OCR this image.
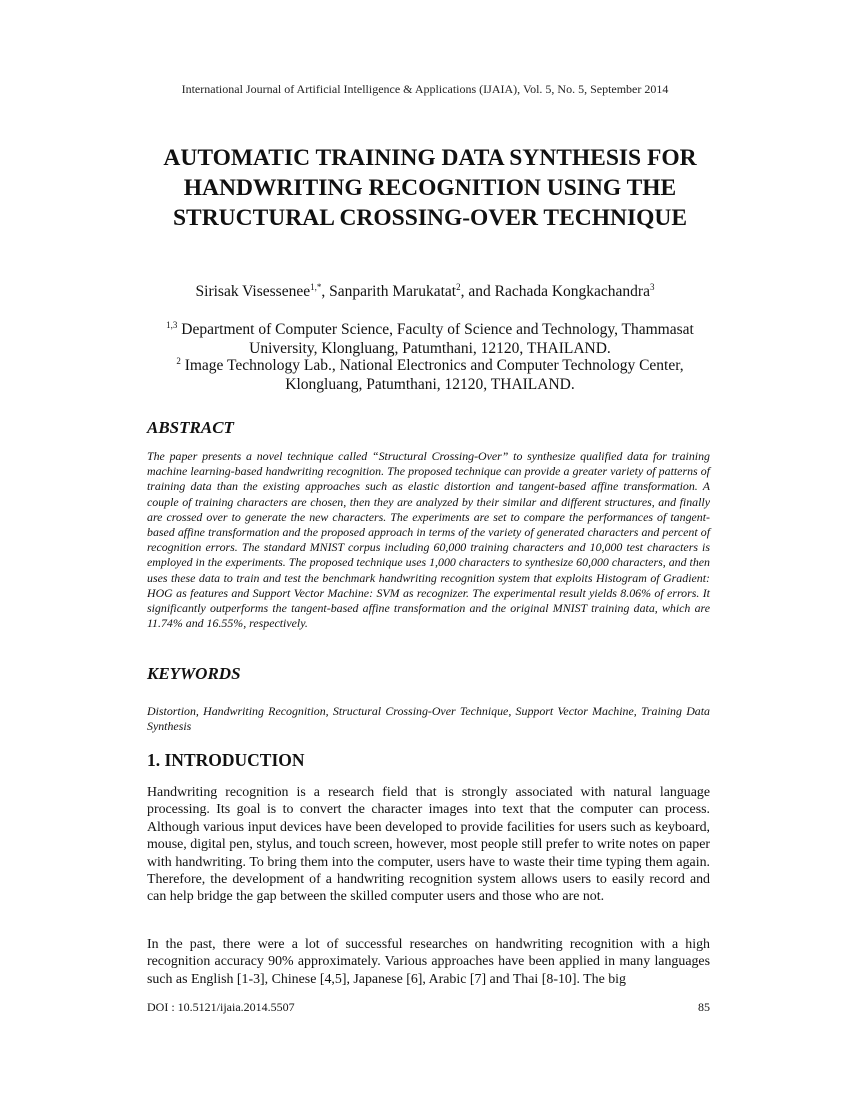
International Journal of Artificial Intelligence & Applications (IJAIA), Vol. 5, No. 5, September 2014
AUTOMATIC TRAINING DATA SYNTHESIS FOR HANDWRITING RECOGNITION USING THE STRUCTURAL CROSSING-OVER TECHNIQUE
Sirisak Visessenee$^{1,*}$, Sanparith Marukatat$^2$, and Rachada Kongkachandra$^3$
$^{1,3}$ Department of Computer Science, Faculty of Science and Technology, Thammasat University, Klongluang, Patumthani, 12120, THAILAND.
$^2$ Image Technology Lab., National Electronics and Computer Technology Center, Klongluang, Patumthani, 12120, THAILAND.
ABSTRACT

The paper presents a novel technique called “Structural Crossing-Over” to synthesize qualified data for training machine learning-based handwriting recognition. The proposed technique can provide a greater variety of patterns of training data than the existing approaches such as elastic distortion and tangent-based affine transformation. A couple of training characters are chosen, then they are analyzed by their similar and different structures, and finally are crossed over to generate the new characters. The experiments are set to compare the performances of tangent-based affine transformation and the proposed approach in terms of the variety of generated characters and percent of recognition errors. The standard MNIST corpus including 60,000 training characters and 10,000 test characters is employed in the experiments. The proposed technique uses 1,000 characters to synthesize 60,000 characters, and then uses these data to train and test the benchmark handwriting recognition system that exploits Histogram of Gradient: HOG as features and Support Vector Machine: SVM as recognizer. The experimental result yields 8.06% of errors. It significantly outperforms the tangent-based affine transformation and the original MNIST training data, which are 11.74% and 16.55%, respectively.

KEYWORDS

Distortion, Handwriting Recognition, Structural Crossing-Over Technique, Support Vector Machine, Training Data Synthesis

1. INTRODUCTION

Handwriting recognition is a research field that is strongly associated with natural language processing. Its goal is to convert the character images into text that the computer can process. Although various input devices have been developed to provide facilities for users such as keyboard, mouse, digital pen, stylus, and touch screen, however, most people still prefer to write notes on paper with handwriting. To bring them into the computer, users have to waste their time typing them again. Therefore, the development of a handwriting recognition system allows users to easily record and can help bridge the gap between the skilled computer users and those who are not.

In the past, there were a lot of successful researches on handwriting recognition with a high recognition accuracy 90% approximately. Various approaches have been applied in many languages such as English [1-3], Chinese [4,5], Japanese [6], Arabic [7] and Thai [8-10]. The big

DOI : 10.5121/ijaia.2014.5507	85
